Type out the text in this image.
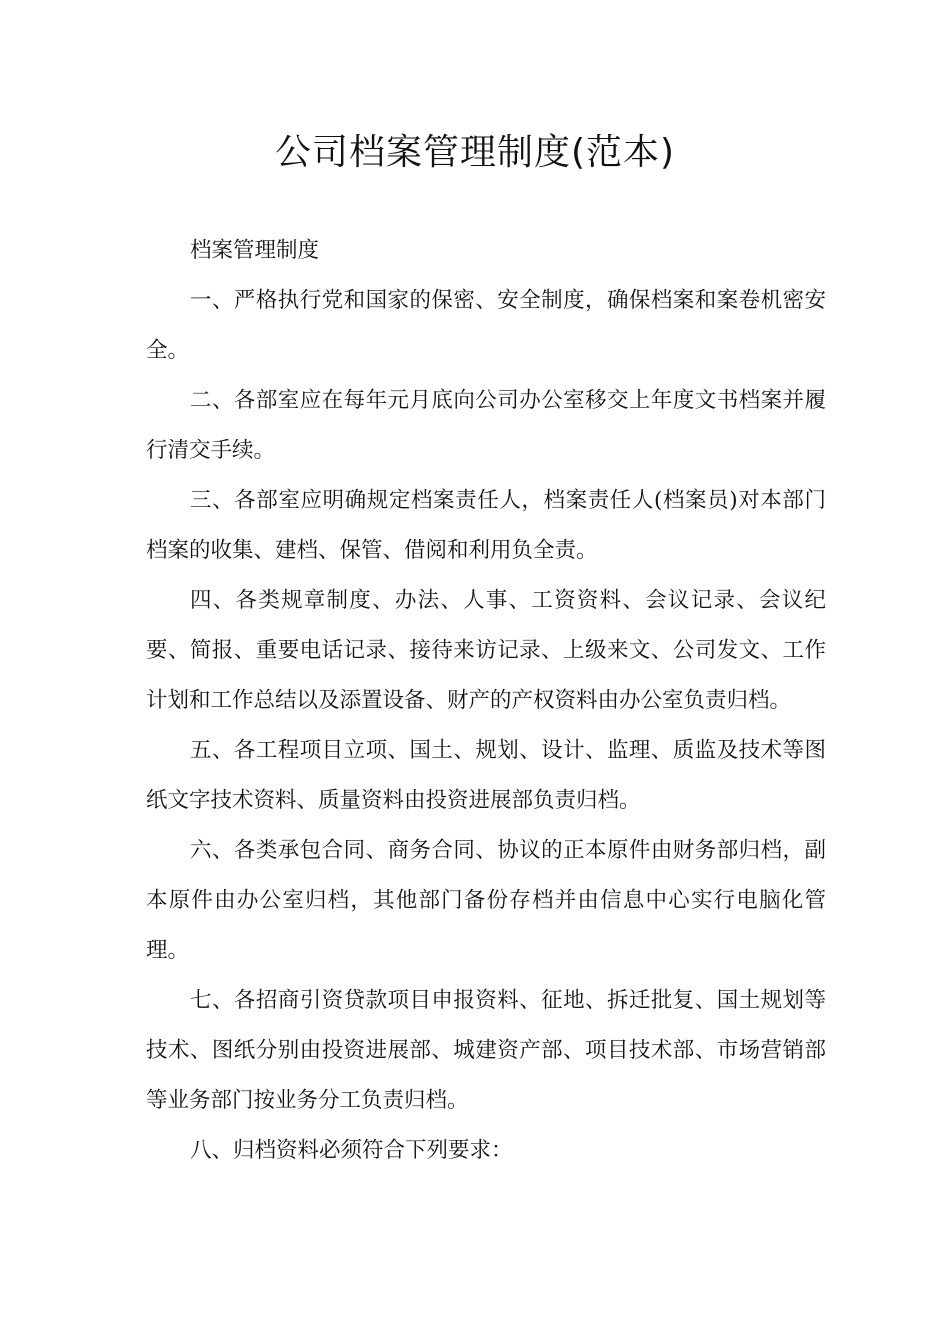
公司档案管理制度(范本)

档案管理制度

一、严格执行党和国家的保密、安全制度，确保档案和案卷机密安全。

二、各部室应在每年元月底向公司办公室移交上年度文书档案并履行清交手续。

三、各部室应明确规定档案责任人，档案责任人(档案员)对本部门档案的收集、建档、保管、借阅和利用负全责。

四、各类规章制度、办法、人事、工资资料、会议记录、会议纪要、简报、重要电话记录、接待来访记录、上级来文、公司发文、工作计划和工作总结以及添置设备、财产的产权资料由办公室负责归档。

五、各工程项目立项、国土、规划、设计、监理、质监及技术等图纸文字技术资料、质量资料由投资进展部负责归档。

六、各类承包合同、商务合同、协议的正本原件由财务部归档，副本原件由办公室归档，其他部门备份存档并由信息中心实行电脑化管理。

七、各招商引资贷款项目申报资料、征地、拆迁批复、国土规划等技术、图纸分别由投资进展部、城建资产部、项目技术部、市场营销部等业务部门按业务分工负责归档。

八、归档资料必须符合下列要求：
